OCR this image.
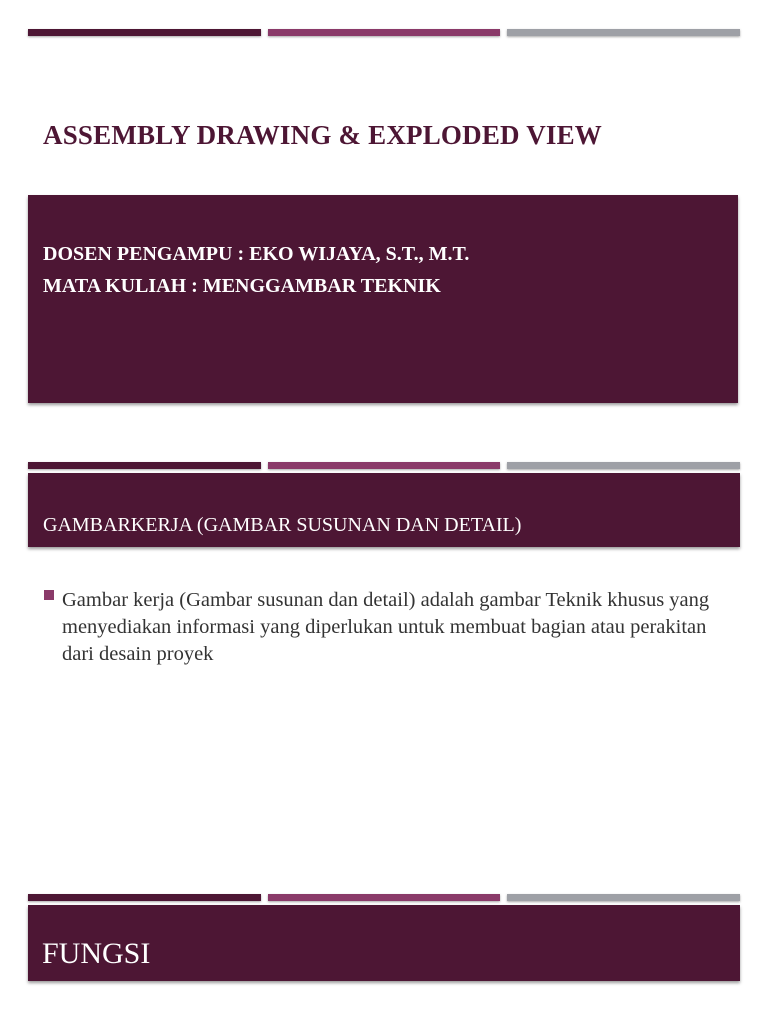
ASSEMBLY DRAWING & EXPLODED VIEW
DOSEN PENGAMPU : EKO WIJAYA, S.T., M.T.
MATA KULIAH : MENGGAMBAR TEKNIK
GAMBARKERJA (GAMBAR SUSUNAN DAN DETAIL)

Gambar kerja (Gambar susunan dan detail) adalah gambar Teknik khusus yang menyediakan informasi yang diperlukan untuk membuat bagian atau perakitan dari desain proyek

FUNGSI
